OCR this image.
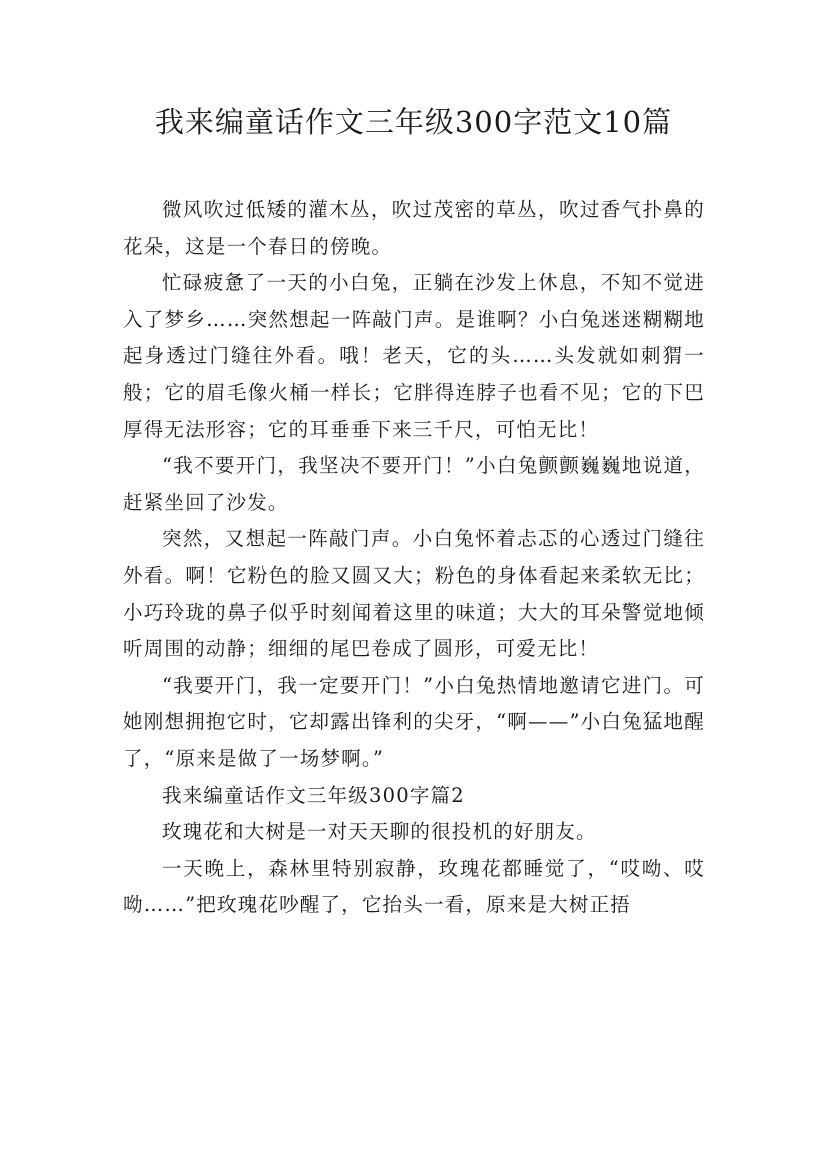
我来编童话作文三年级300字范文10篇

微风吹过低矮的灌木丛，吹过茂密的草丛，吹过香气扑鼻的花朵，这是一个春日的傍晚。

忙碌疲惫了一天的小白兔，正躺在沙发上休息，不知不觉进入了梦乡……突然想起一阵敲门声。是谁啊？小白兔迷迷糊糊地起身透过门缝往外看。哦！老天，它的头……头发就如刺猬一般；它的眉毛像火桶一样长；它胖得连脖子也看不见；它的下巴厚得无法形容；它的耳垂垂下来三千尺，可怕无比！

“我不要开门，我坚决不要开门！”小白兔颤颤巍巍地说道，赶紧坐回了沙发。

突然，又想起一阵敲门声。小白兔怀着忐忑的心透过门缝往外看。啊！它粉色的脸又圆又大；粉色的身体看起来柔软无比；小巧玲珑的鼻子似乎时刻闻着这里的味道；大大的耳朵警觉地倾听周围的动静；细细的尾巴卷成了圆形，可爱无比！

“我要开门，我一定要开门！”小白兔热情地邀请它进门。可她刚想拥抱它时，它却露出锋利的尖牙，“啊——”小白兔猛地醒了，“原来是做了一场梦啊。”

我来编童话作文三年级300字篇2

玫瑰花和大树是一对天天聊的很投机的好朋友。

一天晚上，森林里特别寂静，玫瑰花都睡觉了，“哎呦、哎呦……”把玫瑰花吵醒了，它抬头一看，原来是大树正捂
